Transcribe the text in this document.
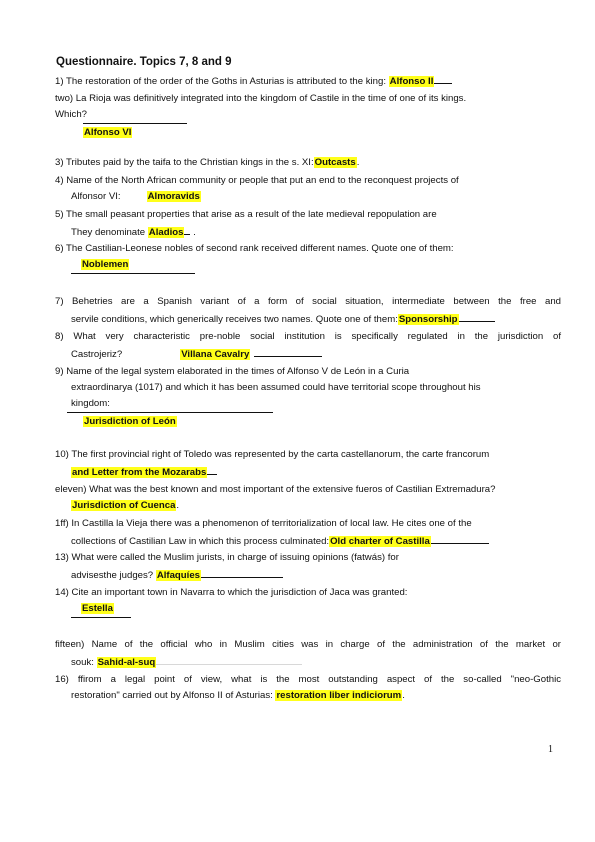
Questionnaire. Topics 7, 8 and 9
1) The restoration of the order of the Goths in Asturias is attributed to the king: Alfonso II
two) La Rioja was definitively integrated into the kingdom of Castile in the time of one of its kings.
Which?
Alfonso VI
3) Tributes paid by the taifa to the Christian kings in the s. XI:Outcasts.
4) Name of the North African community or people that put an end to the reconquest projects of
Alfonsor VI:	Almoravids
5) The small peasant properties that arise as a result of the late medieval repopulation are
They denominate Aladios .
6) The Castilian-Leonese nobles of second rank received different names. Quote one of them:
Noblemen
7) Behetries are a Spanish variant of a form of social situation, intermediate between the free and
servile conditions, which generically receives two names. Quote one of them:Sponsorship
8) What very characteristic pre-noble social institution is specifically regulated in the jurisdiction of
Castrojeriz?	Villana Cavalry
9) Name of the legal system elaborated in the times of Alfonso V de León in a Curia
extraordinarya (1017) and which it has been assumed could have territorial scope throughout his
kingdom:
Jurisdiction of León
10) The first provincial right of Toledo was represented by the carta castellanorum, the carte francorum
and Letter from the Mozarabs
eleven) What was the best known and most important of the extensive fueros of Castilian Extremadura?
Jurisdiction of Cuenca.
1ff) In Castilla la Vieja there was a phenomenon of territorialization of local law. He cites one of the
collections of Castilian Law in which this process culminated:Old charter of Castilla
13) What were called the Muslim jurists, in charge of issuing opinions (fatwás) for
advisesthe judges? Alfaquíes
14) Cite an important town in Navarra to which the jurisdiction of Jaca was granted:
Estella
fifteen) Name of the official who in Muslim cities was in charge of the administration of the market or
souk: Sahid-al-suq
16) ffirom a legal point of view, what is the most outstanding aspect of the so-called "neo-Gothic
restoration" carried out by Alfonso II of Asturias: restoration liber indiciorum.
1
